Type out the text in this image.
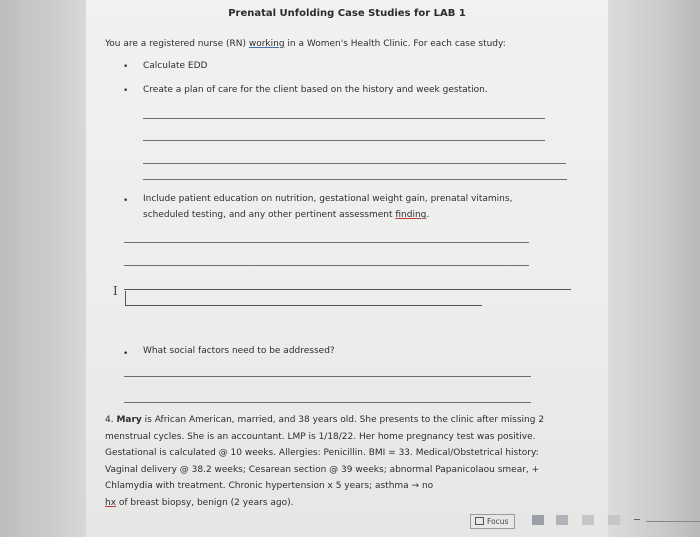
Prenatal Unfolding Case Studies for LAB 1
You are a registered nurse (RN) working in a Women's Health Clinic. For each case study:
• Calculate EDD
• Create a plan of care for the client based on the history and week gestation.
• Include patient education on nutrition, gestational weight gain, prenatal vitamins,
scheduled testing, and any other pertinent assessment finding.
I
• What social factors need to be addressed?
4. Mary is African American, married, and 38 years old. She presents to the clinic after missing 2
menstrual cycles. She is an accountant. LMP is 1/18/22. Her home pregnancy test was positive.
Gestational is calculated @ 10 weeks. Allergies: Penicillin. BMI = 33. Medical/Obstetrical history:
Vaginal delivery @ 38.2 weeks; Cesarean section @ 39 weeks; abnormal Papanicolaou smear, +
Chlamydia with treatment. Chronic hypertension x 5 years; asthma → no
hx of breast biopsy, benign (2 years ago).
Focus
